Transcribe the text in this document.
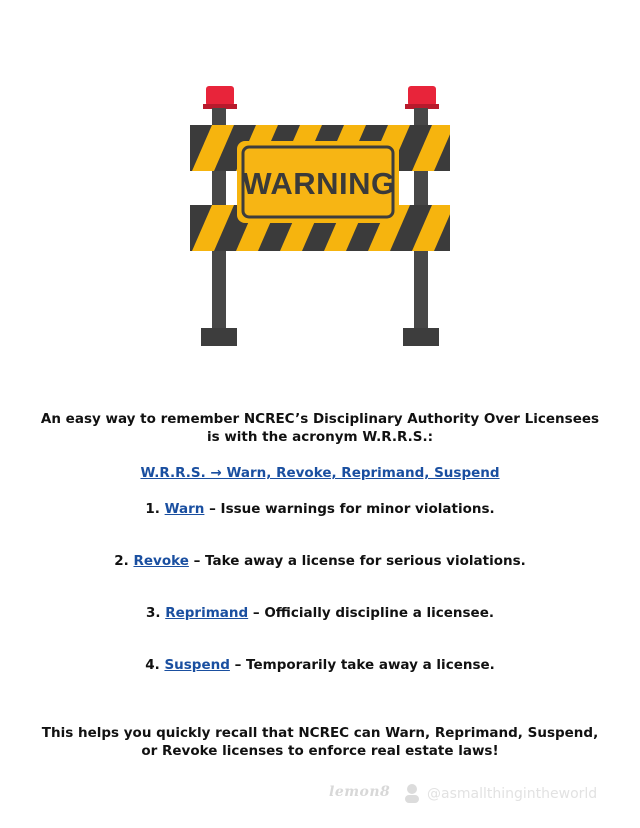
WARNING

An easy way to remember NCREC’s Disciplinary Authority Over Licensees
is with the acronym W.R.R.S.:

W.R.R.S. → Warn, Revoke, Reprimand, Suspend

1. Warn – Issue warnings for minor violations.

2. Revoke – Take away a license for serious violations.

3. Reprimand – Officially discipline a licensee.

4. Suspend – Temporarily take away a license.

This helps you quickly recall that NCREC can Warn, Reprimand, Suspend,
or Revoke licenses to enforce real estate laws!

lemon8	@asmallthingintheworld
